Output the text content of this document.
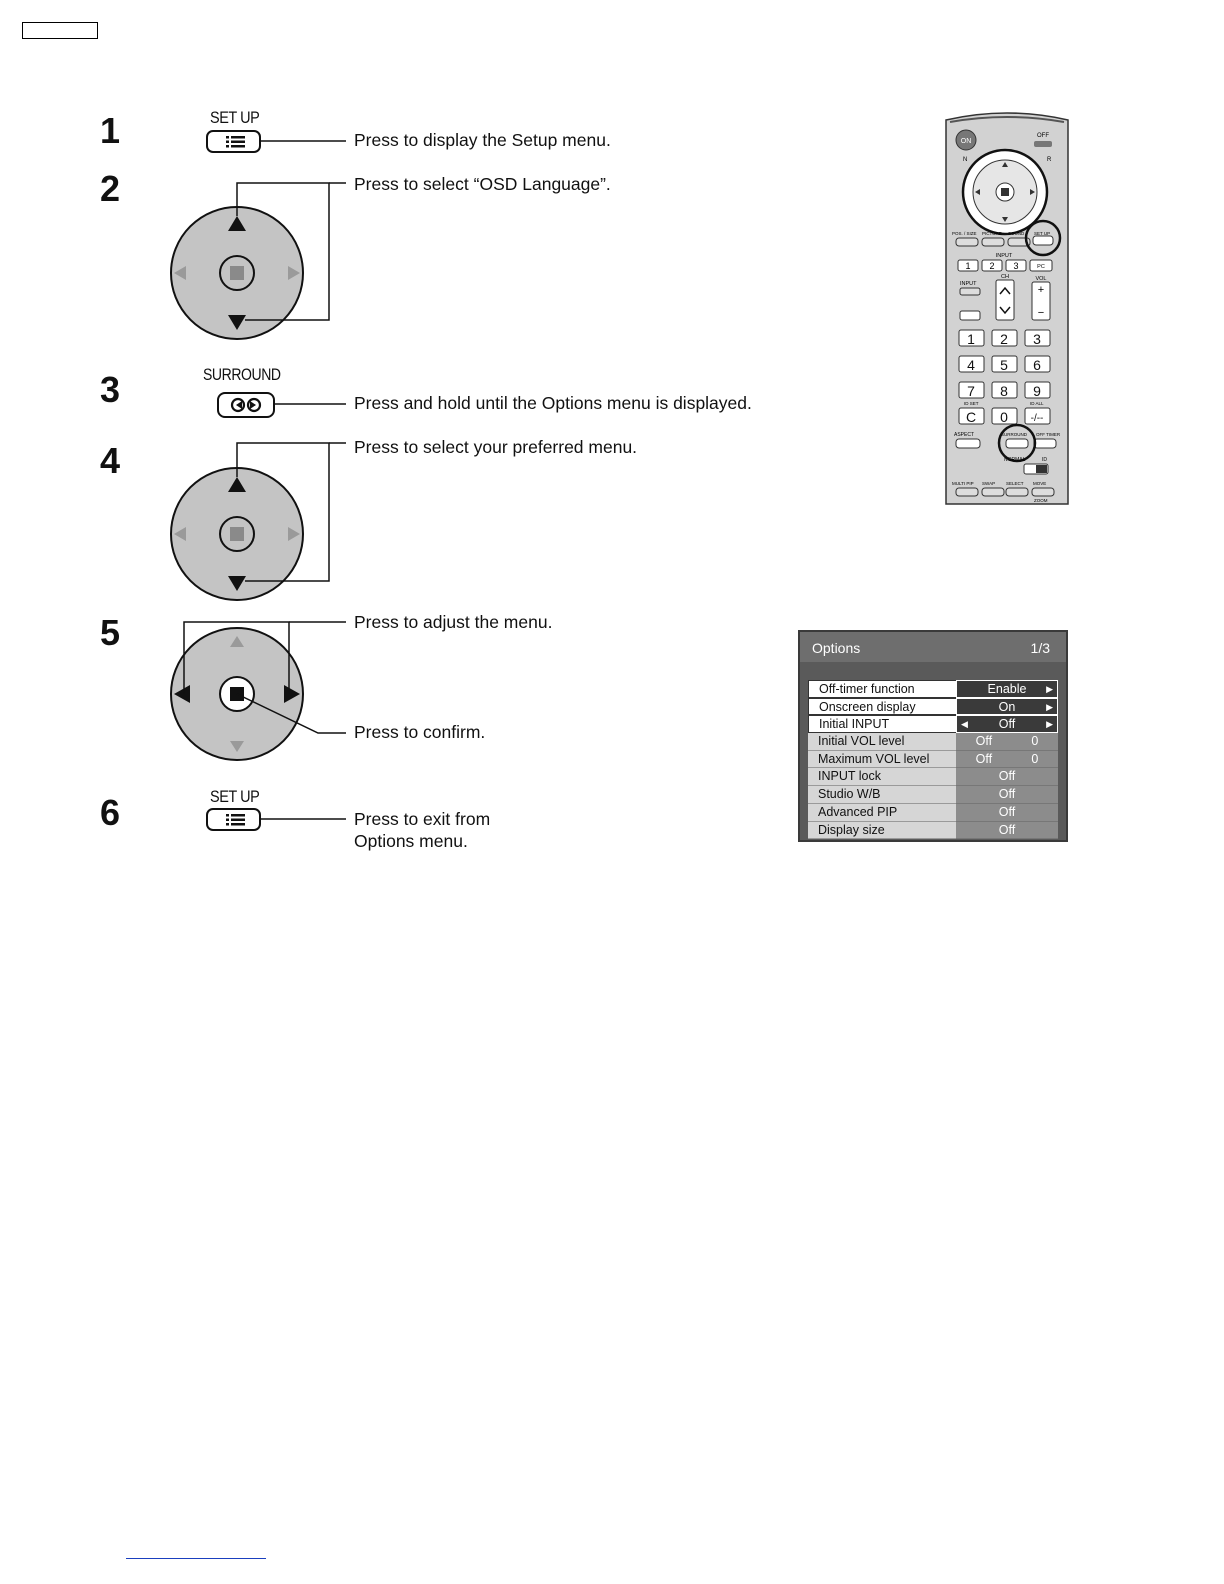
1
2
3
4
5
6
SET UP
SURROUND
SET UP
Press to display the Setup menu.
Press to select “OSD Language”.
Press and hold until the Options menu is displayed.
Press to select your preferred menu.
Press to adjust the menu.
Press to confirm.
Press to exit from
Options menu.
ON
OFF
N	R
POS. / SIZE PICTURE SOUND SET UP
INPUT
1 2 3	PC
CH	VOL
INPUT	+
−
1 2 3
4 5 6
7 8 9
C 0 -/--
ID SET	ID ALL
ASPECT	SURROUND OFF TIMER
NORMAL	ID
MULTI PIP SWAP SELECT MOVE
ZOOM
Options	1/3
Off-timer function	Enable ▶
Onscreen display	On	▶
Initial INPUT	◀ Off	▶
Initial VOL level	Off	0
Maximum VOL level	Off	0
INPUT lock	Off
Studio W/B	Off
Advanced PIP	Off
Display size	Off
